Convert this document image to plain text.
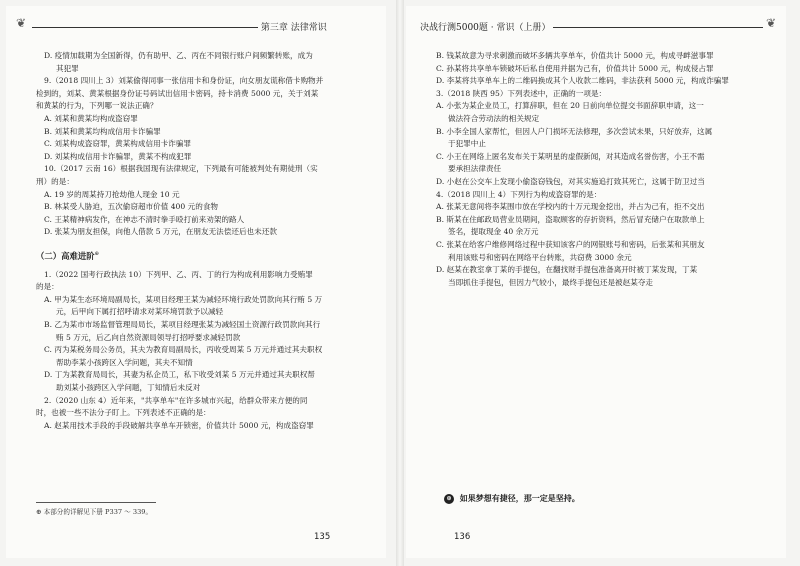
❦	第三章 法律常识

D. 疫情加载期为全国新得，仍有助甲、乙、丙在不同银行账户间频繁转账，成为

其犯罪

9.（2018 四川上 3）刘某偷得同事一张信用卡和身份证，向女朋友谎称借卡购物并

检到的，刘某、黄某根据身份证号码试出信用卡密码，持卡消费 5000 元，关于刘某

和黄某的行为，下列哪一说法正确？

A. 刘某和黄某均构成盗窃罪

B. 刘某和黄某均构成信用卡诈骗罪

C. 刘某构成盗窃罪，黄某构成信用卡诈骗罪

D. 刘某构成信用卡诈骗罪，黄某不构成犯罪

10.（2017 云南 16）根据我国现有法律规定，下列最有可能被判处有期徒刑（实

刑）的是：

A. 19 岁的周某持刀抢劫他人现金 10 元

B. 林某受人胁迫，五次偷窃超市价值 400 元的食物

C. 王某精神病发作，在神志不清时拳手殴打前来劝架的路人

D. 张某为朋友担保，向他人借款 5 万元，在朋友无法偿还后也未还款

（二）高难进阶⊕

1.（2022 国考行政执法 10）下列甲、乙、丙、丁的行为构成利用影响力受贿罪

的是：

A. 甲为某生态环境局副局长，某项目经理王某为减轻环境行政处罚款向其行贿 5 万

元，后甲向下属打招呼请求对某环境罚款予以减轻

B. 乙为某市市场监督管理局局长，某项目经理张某为减轻国土资源行政罚款向其行

贿 5 万元，后乙向自然资源局领导打招呼要求减轻罚款

C. 丙为某税务局公务员，其夫为教育局副局长，丙收受周某 5 万元并通过其夫职权

帮助李某小孩跨区入学问题，其夫不知情

D. 丁为某教育局局长，其妻为私企员工，私下收受刘某 5 万元并通过其夫职权帮

助刘某小孩跨区入学问题，丁知情后未反对

2.（2020 山东 4）近年来，"共享单车"在许多城市兴起，给群众带来方便的同

时，也被一些不法分子盯上。下列表述不正确的是：

A. 赵某用技术手段的手段破解共享单车开锁密，价值共计 5000 元，构成盗窃罪

⊕ 本部分的详解见下册 P337 ～ 339。
135
决战行测5000题 · 常识（上册）	❦

B. 钱某故意为寻求刺激而破坏多辆共享单车，价值共计 5000 元，构成寻衅滋事罪

C. 孙某将共享单车锁破坏后私自使用并据为己有，价值共计 5000 元，构成侵占罪

D. 李某将共享单车上的二维码换成其个人收款二维码，非法获利 5000 元，构成诈骗罪

3.（2018 陕西 95）下列表述中，正确的一项是：

A. 小张为某企业员工，打算辞职，但在 20 日前向单位提交书面辞职申请，这一

做法符合劳动法的相关规定

B. 小李全国人家帮忙，但因人户门损坏无法修理，多次尝试未果，只好放弃，这属

于犯罪中止

C. 小王在网络上匿名发布关于某明星的虚假新闻，对其造成名誉伤害，小王不需

要承担法律责任

D. 小赵在公交车上发现小偷盗窃钱包，对其实施追打致其死亡，这属于防卫过当

4.（2018 四川上 4）下列行为构成盗窃罪的是：

A. 张某无意间将李某围巾放在学校内的十万元现金挖出，并占为己有，拒不交出

B. 斯某在住邮政局营业员期间，盗取顾客的存折资料，然后冒充储户在取款单上

签名，提取现金 40 余万元

C. 张某在给客户维修网络过程中获知该客户的网银账号和密码，后张某和其朋友

利用该账号和密码在网络平台转账，共窃费 3000 余元

D. 赵某在教室拿丁某的手提包，在翻找财手提包准备离开时被丁某发现，丁某

当即抓住手提包，但因力气较小，最终手提包还是被赵某夺走

⊛ 如果梦想有捷径，那一定是坚持。
136
